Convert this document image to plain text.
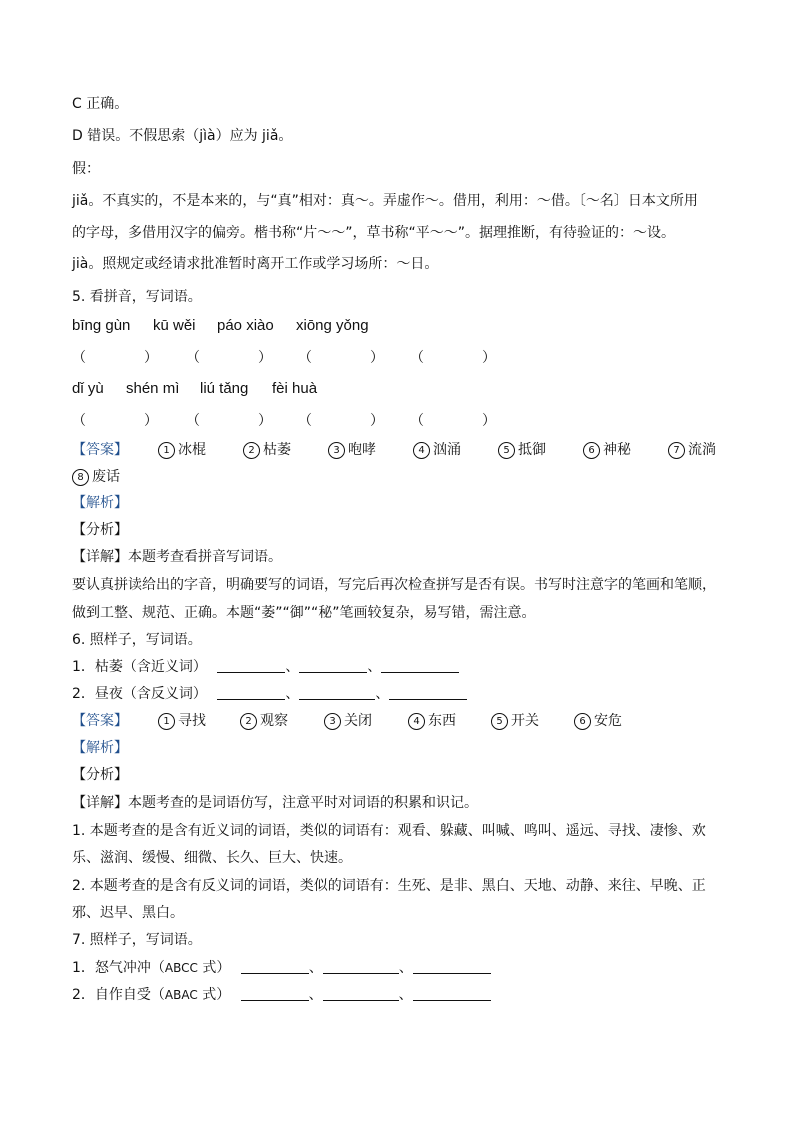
C 正确。
D 错误。不假思索（jìà）应为 jiǎ。
假：
jiǎ。不真实的，不是本来的，与“真”相对：真～。弄虚作～。借用，利用：～借。〔～名〕日本文所用
的字母，多借用汉字的偏旁。楷书称“片～～”，草书称“平～～”。据理推断，有待验证的：～设。
jià。照规定或经请求批准暂时离开工作或学习场所：～日。
5. 看拼音，写词语。
bīng gùn kū wěi páo xiào xiōng yǒng
（	） （	） （	） （	）
dǐ yù shén mì liú tǎng fèi huà
（	） （	） （	） （	）
【答案】	1 冰棍	2 枯萎	3 咆哮	4 汹涌	5 抵御	6 神秘	7 流淌
8 废话
【解析】
【分析】
【详解】本题考查看拼音写词语。
要认真拼读给出的字音，明确要写的词语，写完后再次检查拼写是否有误。书写时注意字的笔画和笔顺，
做到工整、规范、正确。本题“萎”“御”“秘”笔画较复杂，易写错，需注意。
6. 照样子，写词语。
1．枯萎（含近义词）	、	、
2．昼夜（含反义词）	、	、
【答案】	1 寻找	2 观察	3 关闭	4 东西	5 开关	6 安危
【解析】
【分析】
【详解】本题考查的是词语仿写，注意平时对词语的积累和识记。
1. 本题考查的是含有近义词的词语，类似的词语有：观看、躲藏、叫喊、鸣叫、遥远、寻找、凄惨、欢
乐、滋润、缓慢、细微、长久、巨大、快速。
2. 本题考查的是含有反义词的词语，类似的词语有：生死、是非、黑白、天地、动静、来往、早晚、正
邪、迟早、黑白。
7. 照样子，写词语。
1．怒气冲冲（ABCC 式）	、	、
2．自作自受（ABAC 式）	、	、
